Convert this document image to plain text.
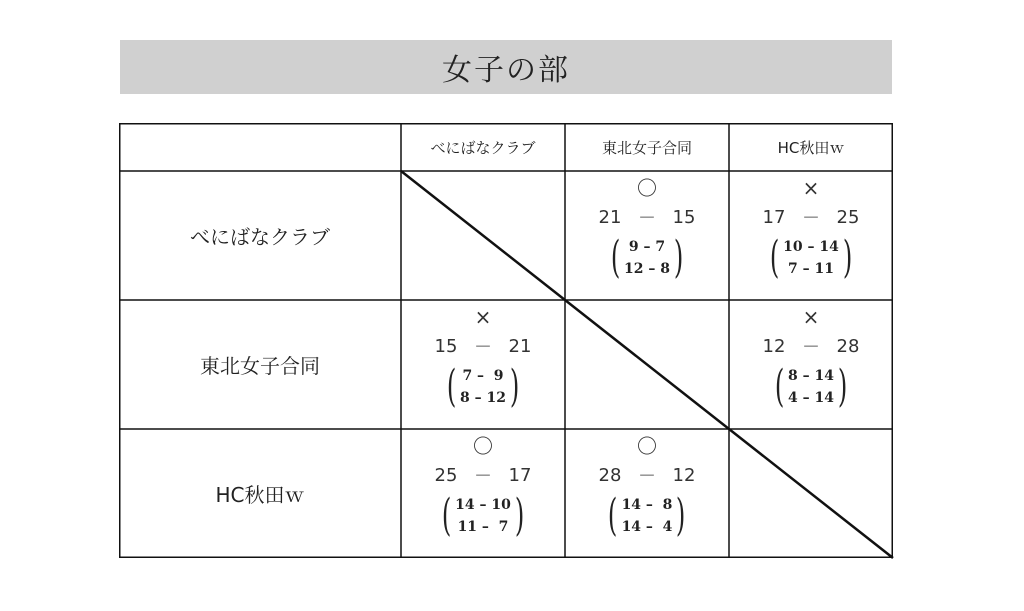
女子の部
べにばなクラブ	東北女子合同	HC秋田ｗ
べにばなクラブ
東北女子合同
HC秋田ｗ
〇
21 － 15
( 9 – 7
12 – 8 )
×
17 － 25
( 10 – 14
7 – 11 )
×
15 － 21
( 7 –  9
8 – 12 )
×
12 － 28
( 8 – 14
4 – 14 )
〇
25 － 17
( 14 – 10
11 –  7 )
〇
28 － 12
( 14 –  8
14 –  4 )
